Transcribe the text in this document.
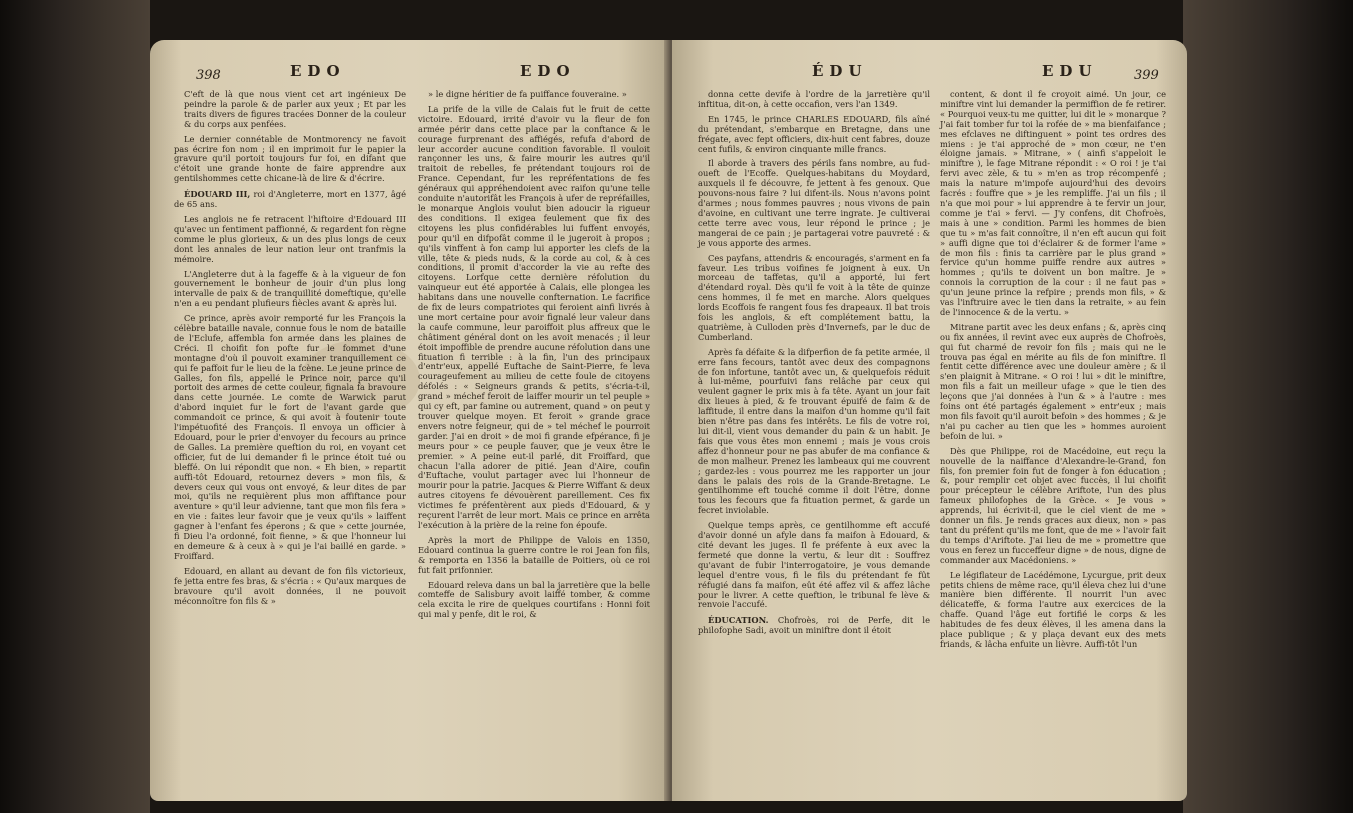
398	EDO	EDO

C'eft de là que nous vient cet art ingénieux De peindre la parole & de parler aux yeux ; Et par les traits divers de figures tracées Donner de la couleur & du corps aux penfées.

Le dernier connétable de Montmorency ne favoit pas écrire fon nom ; il en imprimoit fur le papier la gravure qu'il portoit toujours fur foi, en difant que c'étoit une grande honte de faire apprendre aux gentilshommes cette chicane-là de lire & d'écrire.

ÉDOUARD III, roi d'Angleterre, mort en 1377, âgé de 65 ans.

Les anglois ne fe retracent l'hiftoire d'Edouard III qu'avec un fentiment paffionné, & regardent fon règne comme le plus glorieux, & un des plus longs de ceux dont les annales de leur nation leur ont tranfmis la mémoire.

L'Angleterre dut à la fageffe & à la vigueur de fon gouvernement le bonheur de jouir d'un plus long intervalle de paix & de tranquillité domeftique, qu'elle n'en a eu pendant plufieurs fiècles avant & après lui.

Ce prince, après avoir remporté fur les François la célèbre bataille navale, connue fous le nom de bataille de l'Eclufe, affembla fon armée dans les plaines de Créci. Il choifit fon pofte fur le fommet d'une montagne d'où il pouvoit examiner tranquillement ce qui fe paffoit fur le lieu de la fcène. Le jeune prince de Galles, fon fils, appellé le Prince noir, parce qu'il portoit des armes de cette couleur, fignala fa bravoure dans cette journée. Le comte de Warwick parut d'abord inquiet fur le fort de l'avant garde que commandoit ce prince, & qui avoit à foutenir toute l'impétuofité des François. Il envoya un officier à Edouard, pour le prier d'envoyer du fecours au prince de Galles. La première queftion du roi, en voyant cet officier, fut de lui demander fi le prince étoit tué ou bleffé. On lui répondit que non. « Eh bien, » repartit auffi-tôt Edouard, retournez devers » mon fils, & devers ceux qui vous ont envoyé, & leur dites de par moi, qu'ils ne requièrent plus mon affiftance pour aventure » qu'il leur advienne, tant que mon fils fera » en vie : faites leur favoir que je veux qu'ils » laiffent gagner à l'enfant fes éperons ; & que » cette journée, fi Dieu l'a ordonné, foit fienne, » & que l'honneur lui en demeure & à ceux à » qui je l'ai baillé en garde. » Froiffard.

Edouard, en allant au devant de fon fils victorieux, fe jetta entre fes bras, & s'écria : « Qu'aux marques de bravoure qu'il avoit données, il ne pouvoit méconnoître fon fils & »

» le digne héritier de fa puiffance fouveraine. »

La prife de la ville de Calais fut le fruit de cette victoire. Edouard, irrité d'avoir vu la fleur de fon armée périr dans cette place par la conftance & le courage furprenant des affiégés, refufa d'abord de leur accorder aucune condition favorable. Il vouloit rançonner les uns, & faire mourir les autres qu'il traitoit de rebelles, fe prétendant toujours roi de France. Cependant, fur les repréfentations de fes généraux qui appréhendoient avec raifon qu'une telle conduite n'autorifât les François à ufer de repréfailles, le monarque Anglois voulut bien adoucir la rigueur des conditions. Il exigea feulement que fix des citoyens les plus confidérables lui fuffent envoyés, pour qu'il en difpofât comme il le jugeroit à propos ; qu'ils vinffent à fon camp lui apporter les clefs de la ville, tête & pieds nuds, & la corde au col, & à ces conditions, il promit d'accorder la vie au refte des citoyens. Lorfque cette dernière réfolution du vainqueur eut été apportée à Calais, elle plongea les habitans dans une nouvelle confternation. Le facrifice de fix de leurs compatriotes qui feroient ainfi livrés à une mort certaine pour avoir fignalé leur valeur dans la caufe commune, leur paroiffoit plus affreux que le châtiment général dont on les avoit menacés ; il leur étoit impoffible de prendre aucune réfolution dans une fituation fi terrible : à la fin, l'un des principaux d'entr'eux, appellé Euftache de Saint-Pierre, fe leva courageufement au milieu de cette foule de citoyens défolés : « Seigneurs grands & petits, s'écria-t-il, grand » méchef feroit de laiffer mourir un tel peuple » qui cy eft, par famine ou autrement, quand » on peut y trouver quelque moyen. Et feroit » grande grace envers notre feigneur, qui de » tel méchef le pourroit garder. J'ai en droit » de moi fi grande efpérance, fi je meurs pour » ce peuple fauver, que je veux être le premier. » A peine eut-il parlé, dit Froiffard, que chacun l'alla adorer de pitié. Jean d'Aire, coufin d'Euftache, voulut partager avec lui l'honneur de mourir pour la patrie. Jacques & Pierre Wiffant & deux autres citoyens fe dévouèrent pareillement. Ces fix victimes fe préfentèrent aux pieds d'Edouard, & y reçurent l'arrêt de leur mort. Mais ce prince en arrêta l'exécution à la prière de la reine fon époufe.

Après la mort de Philippe de Valois en 1350, Edouard continua la guerre contre le roi Jean fon fils, & remporta en 1356 la bataille de Poitiers, où ce roi fut fait prifonnier.

Edouard releva dans un bal la jarretière que la belle comteffe de Salisbury avoit laiffé tomber, & comme cela excita le rire de quelques courtifans : Honni foit qui mal y penfe, dit le roi, &

ÉDU	EDU	399

donna cette devife à l'ordre de la jarretière qu'il inftitua, dit-on, à cette occafion, vers l'an 1349.

En 1745, le prince CHARLES EDOUARD, fils aîné du prétendant, s'embarque en Bretagne, dans une frégate, avec fept officiers, dix-huit cent fabres, douze cent fufils, & environ cinquante mille francs.

Il aborde à travers des périls fans nombre, au fud-oueft de l'Ecoffe. Quelques-habitans du Moydard, auxquels il fe découvre, fe jettent à fes genoux. Que pouvons-nous faire ? lui difent-ils. Nous n'avons point d'armes ; nous fommes pauvres ; nous vivons de pain d'avoine, en cultivant une terre ingrate. Je cultiverai cette terre avec vous, leur répond le prince ; je mangerai de ce pain ; je partagerai votre pauvreté : & je vous apporte des armes.

Ces payfans, attendris & encouragés, s'arment en fa faveur. Les tribus voifines fe joignent à eux. Un morceau de taffetas, qu'il a apporté, lui fert d'étendard royal. Dès qu'il fe voit à la tête de quinze cens hommes, il fe met en marche. Alors quelques lords Ecoffois fe rangent fous fes drapeaux. Il bat trois fois les anglois, & eft complétement battu, la quatrième, à Culloden près d'Invernefs, par le duc de Cumberland.

Après fa défaite & la difperfion de fa petite armée, il erre fans fecours, tantôt avec deux des compagnons de fon infortune, tantôt avec un, & quelquefois réduit à lui-même, pourfuivi fans relâche par ceux qui veulent gagner le prix mis à fa tête. Ayant un jour fait dix lieues à pied, & fe trouvant épuifé de faim & de laffitude, il entre dans la maifon d'un homme qu'il fait bien n'être pas dans fes intérêts. Le fils de votre roi, lui dit-il, vient vous demander du pain & un habit. Je fais que vous êtes mon ennemi ; mais je vous crois affez d'honneur pour ne pas abufer de ma confiance & de mon malheur. Prenez les lambeaux qui me couvrent ; gardez-les : vous pourrez me les rapporter un jour dans le palais des rois de la Grande-Bretagne. Le gentilhomme eft touché comme il doit l'être, donne tous les fecours que fa fituation permet, & garde un fecret inviolable.

Quelque temps après, ce gentilhomme eft accufé d'avoir donné un afyle dans fa maifon à Edouard, & cité devant les juges. Il fe préfente à eux avec la fermeté que donne la vertu, & leur dit : Souffrez qu'avant de fubir l'interrogatoire, je vous demande lequel d'entre vous, fi le fils du prétendant fe fût réfugié dans fa maifon, eût été affez vil & affez lâche pour le livrer. A cette queftion, le tribunal fe lève & renvoie l'accufé.

ÉDUCATION. Chofroès, roi de Perfe, dit le philofophe Sadi, avoit un miniftre dont il étoit

content, & dont il fe croyoit aimé. Un jour, ce miniftre vint lui demander la permiffion de fe retirer. « Pourquoi veux-tu me quitter, lui dit le » monarque ? J'ai fait tomber fur toi la rofée de » ma bienfaifance ; mes efclaves ne diftinguent » point tes ordres des miens : je t'ai approché de » mon cœur, ne t'en éloigne jamais. » Mitrane, » ( ainfi s'appeloit le miniftre ), le fage Mitrane répondit : « O roi ! je t'ai fervi avec zèle, & tu » m'en as trop récompenfé ; mais la nature m'impofe aujourd'hui des devoirs facrés : fouffre que » je les rempliffe. J'ai un fils ; il n'a que moi pour » lui apprendre à te fervir un jour, comme je t'ai » fervi. — J'y confens, dit Chofroès, mais à une » condition. Parmi les hommes de bien que tu » m'as fait connoître, il n'en eft aucun qui foit » auffi digne que toi d'éclairer & de former l'ame » de mon fils : finis ta carrière par le plus grand » fervice qu'un homme puiffe rendre aux autres » hommes ; qu'ils te doivent un bon maître. Je » connois la corruption de la cour : il ne faut pas » qu'un jeune prince la refpire ; prends mon fils, » & vas l'inftruire avec le tien dans la retraite, » au fein de l'innocence & de la vertu. »

Mitrane partit avec les deux enfans ; &, après cinq ou fix années, il revint avec eux auprès de Chofroès, qui fut charmé de revoir fon fils ; mais qui ne le trouva pas égal en mérite au fils de fon miniftre. Il fentit cette différence avec une douleur amère ; & il s'en plaignit à Mitrane. « O roi ! lui » dit le miniftre, mon fils a fait un meilleur ufage » que le tien des leçons que j'ai données à l'un & » à l'autre : mes foins ont été partagés également » entr'eux ; mais mon fils favoit qu'il auroit befoin » des hommes ; & je n'ai pu cacher au tien que les » hommes auroient befoin de lui. »

Dès que Philippe, roi de Macédoine, eut reçu la nouvelle de la naiffance d'Alexandre-le-Grand, fon fils, fon premier foin fut de fonger à fon éducation ; &, pour remplir cet objet avec fuccès, il lui choifit pour précepteur le célèbre Ariftote, l'un des plus fameux philofophes de la Grèce. « Je vous » apprends, lui écrivit-il, que le ciel vient de me » donner un fils. Je rends graces aux dieux, non » pas tant du préfent qu'ils me font, que de me » l'avoir fait du temps d'Ariftote. J'ai lieu de me » promettre que vous en ferez un fucceffeur digne » de nous, digne de commander aux Macédoniens. »

Le légiflateur de Lacédémone, Lycurgue, prit deux petits chiens de même race, qu'il éleva chez lui d'une manière bien différente. Il nourrit l'un avec délicateffe, & forma l'autre aux exercices de la chaffe. Quand l'âge eut fortifié le corps & les habitudes de fes deux élèves, il les amena dans la place publique ; & y plaça devant eux des mets friands, & lâcha enfuite un lièvre. Auffi-tôt l'un
